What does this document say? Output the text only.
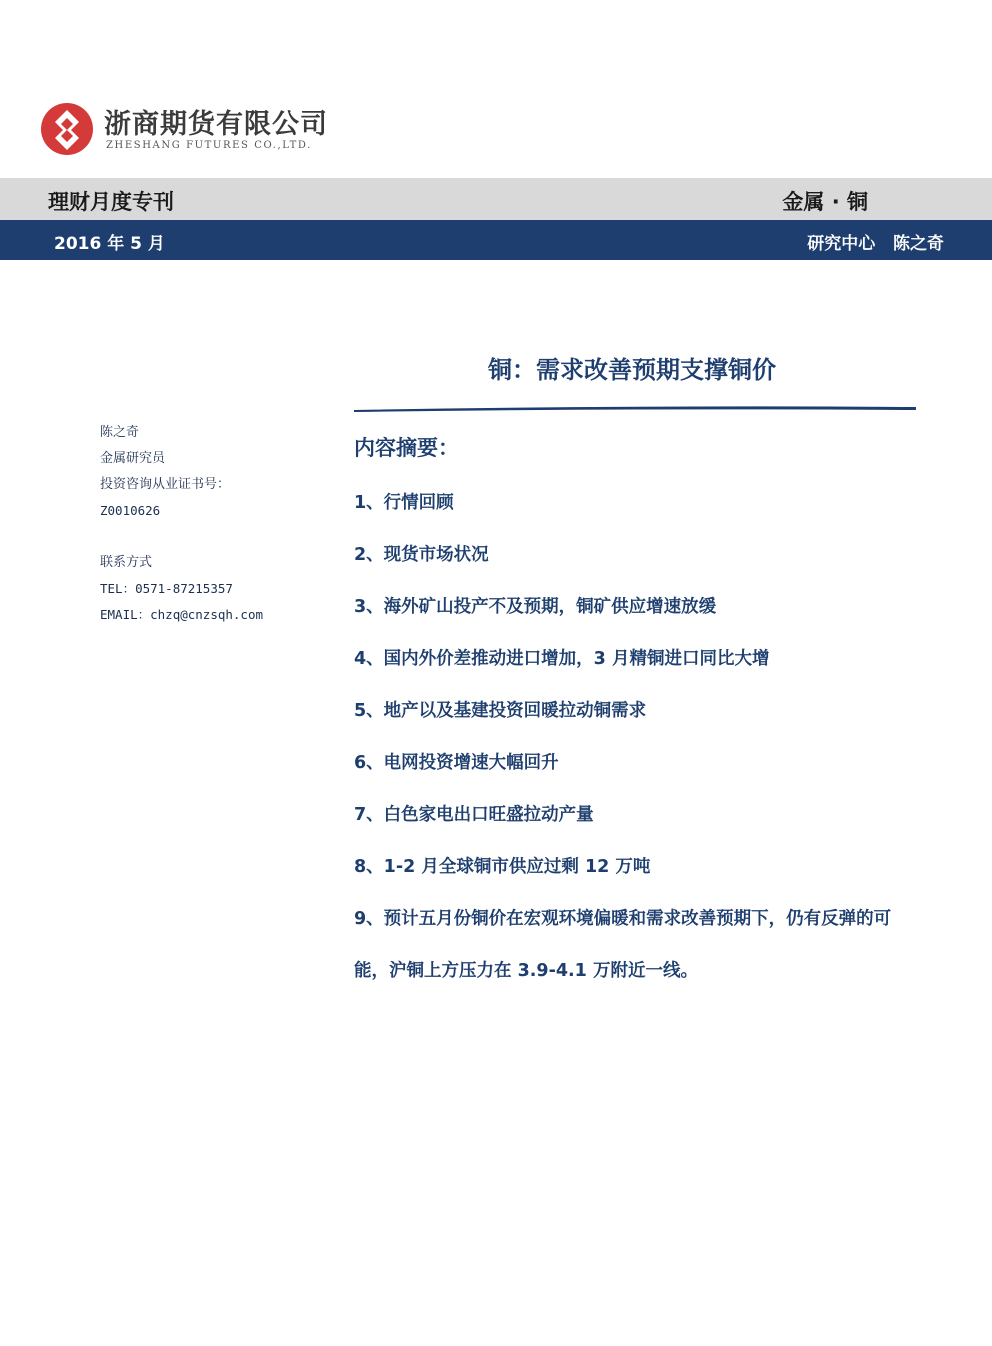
浙商期货有限公司
ZHESHANG FUTURES CO.,LTD.
理财月度专刊	金属 · 铜
2016 年 5 月	研究中心   陈之奇
铜：需求改善预期支撑铜价
陈之奇
金属研究员
投资咨询从业证书号：
Z0010626
联系方式
TEL：0571-87215357
EMAIL：chzq@cnzsqh.com
内容摘要：
1、行情回顾
2、现货市场状况
3、海外矿山投产不及预期，铜矿供应增速放缓
4、国内外价差推动进口增加，3 月精铜进口同比大增
5、地产以及基建投资回暖拉动铜需求
6、电网投资增速大幅回升
7、白色家电出口旺盛拉动产量
8、1-2 月全球铜市供应过剩 12 万吨
9、预计五月份铜价在宏观环境偏暖和需求改善预期下，仍有反弹的可能，沪铜上方压力在 3.9-4.1 万附近一线。
